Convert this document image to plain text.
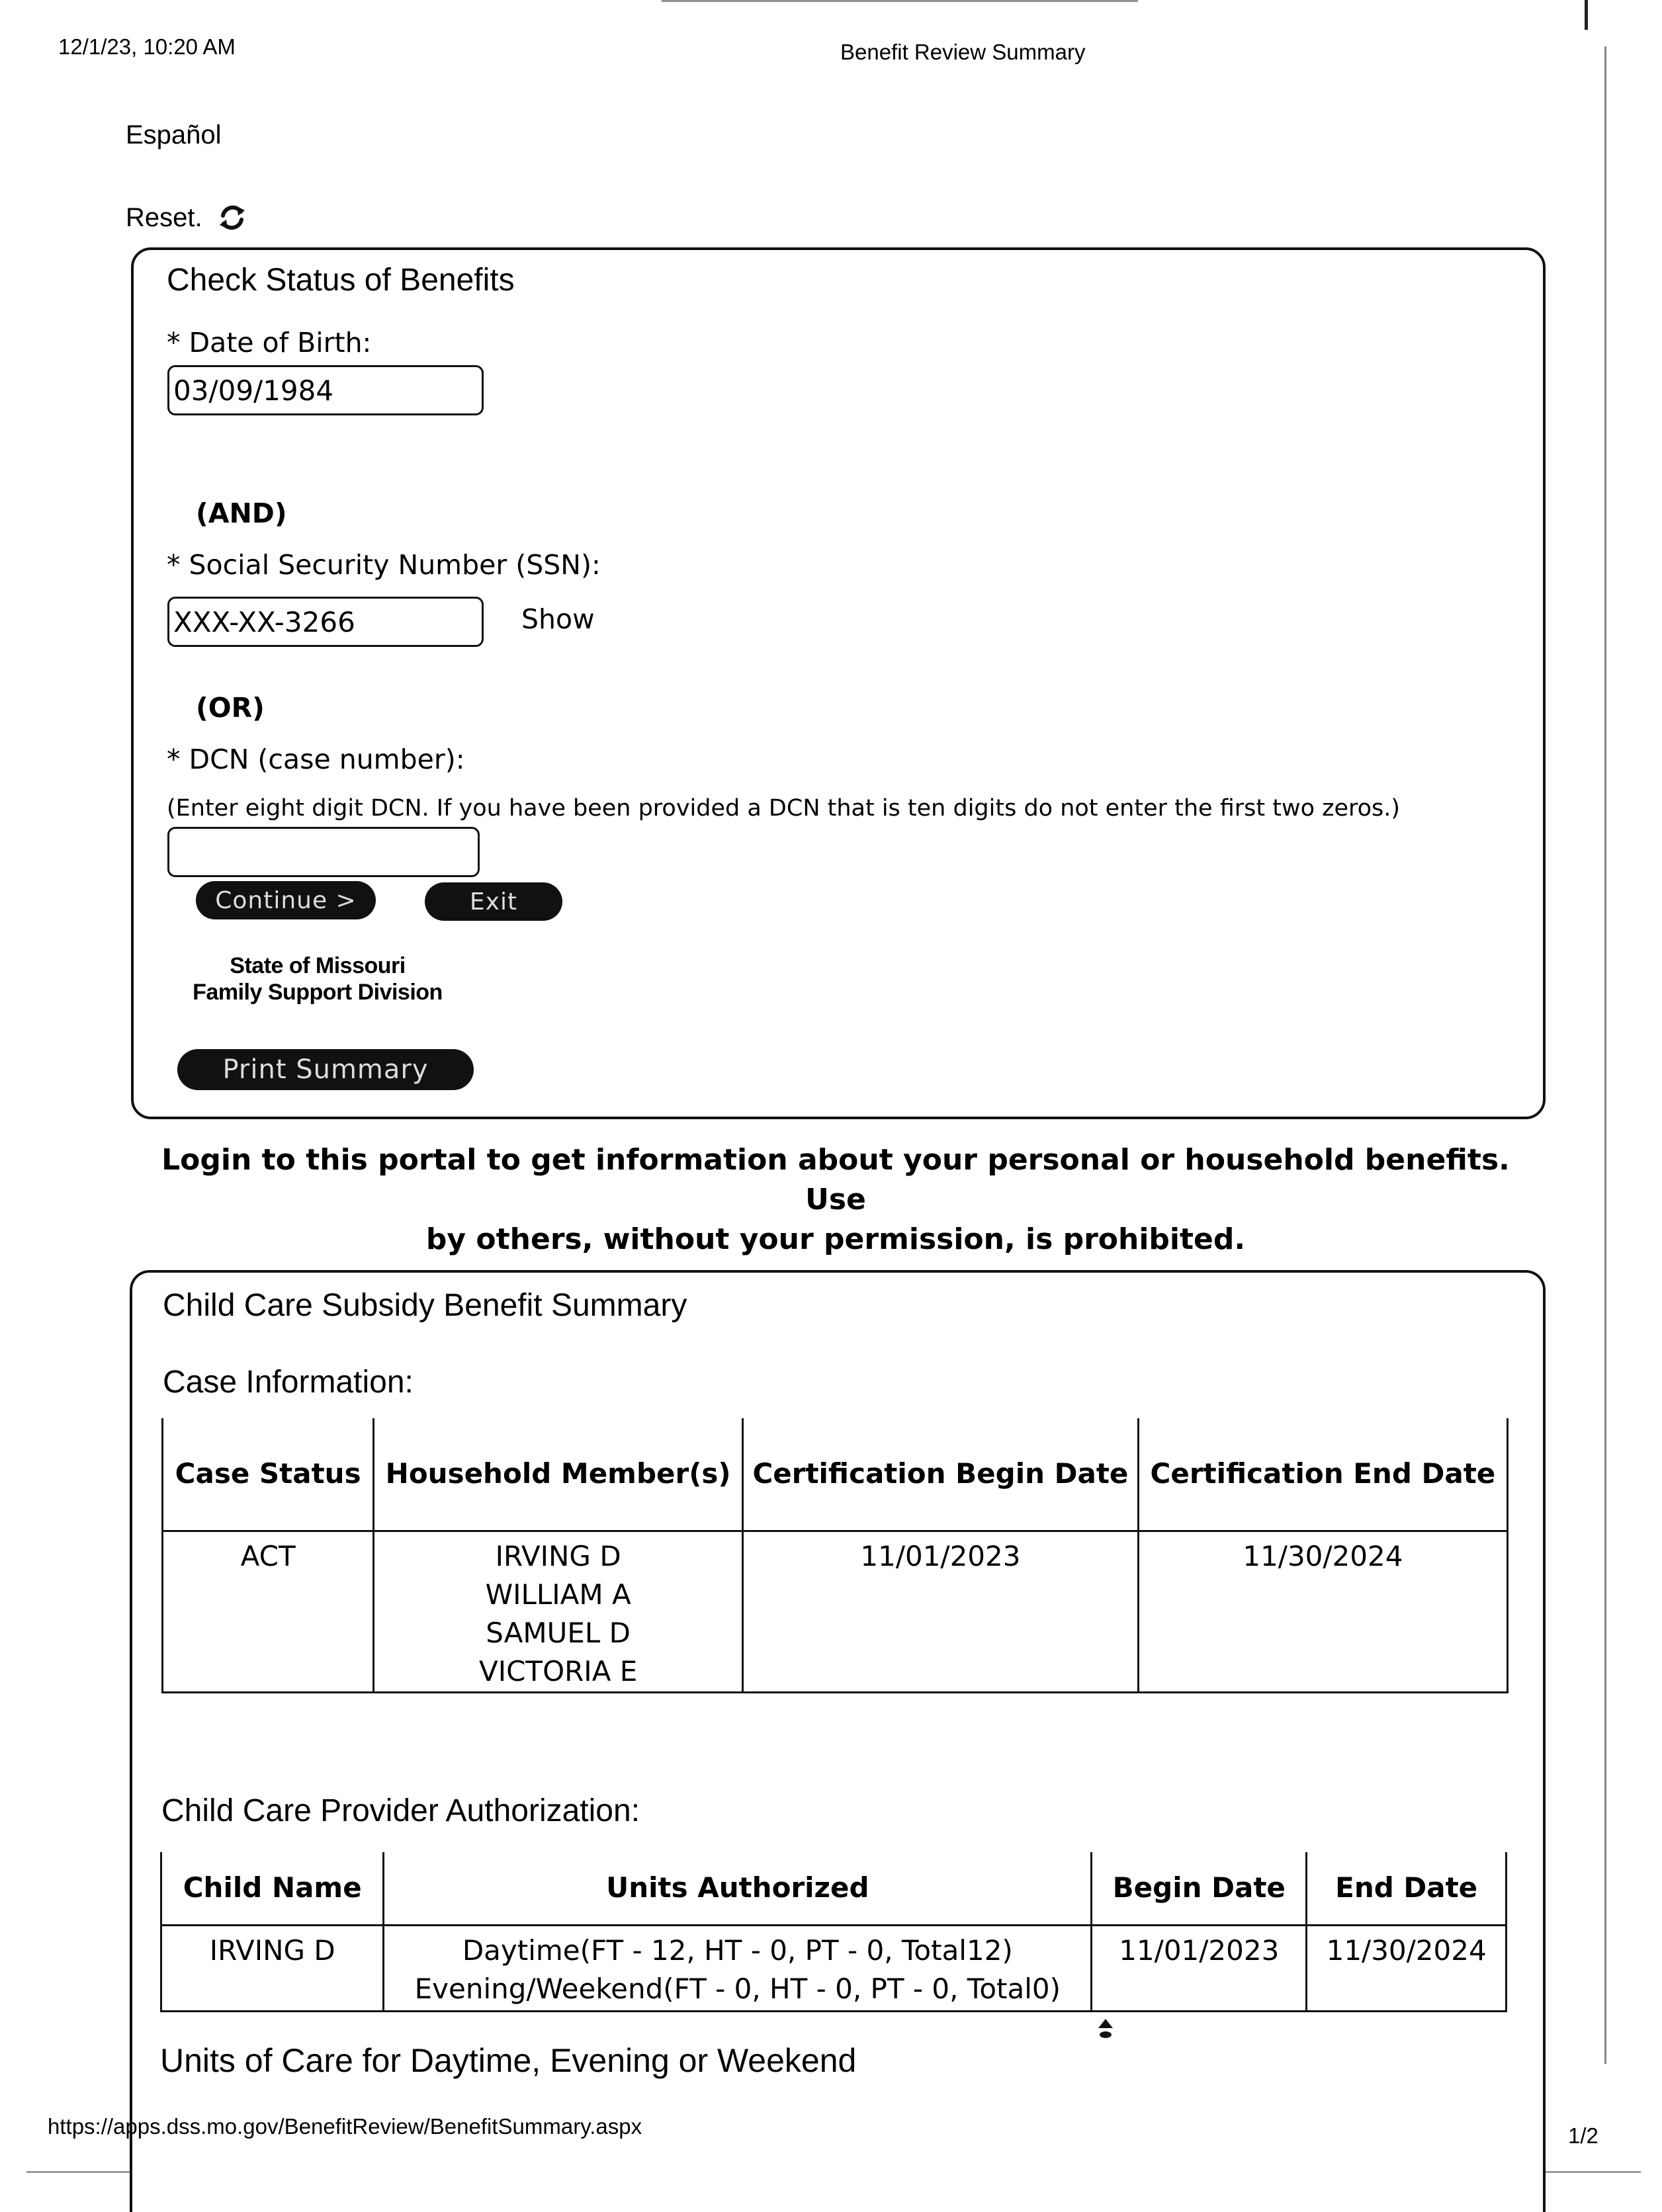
12/1/23, 10:20 AM	Benefit Review Summary
Español
Reset.
Check Status of Benefits
* Date of Birth:
03/09/1984
(AND)
* Social Security Number (SSN):
XXX-XX-3266	Show
(OR)
* DCN (case number):
(Enter eight digit DCN. If you have been provided a DCN that is ten digits do not enter the first two zeros.)
Continue >	Exit
State of Missouri
Family Support Division
Print Summary
Login to this portal to get information about your personal or household benefits. Use
by others, without your permission, is prohibited.
Child Care Subsidy Benefit Summary
Case Information:
Case Status	Household Member(s)	Certification Begin Date	Certification End Date
ACT	IRVING D
WILLIAM A
SAMUEL D
VICTORIA E	11/01/2023	11/30/2024
Child Care Provider Authorization:
Child Name	Units Authorized	Begin Date	End Date
IRVING D	Daytime(FT - 12, HT - 0, PT - 0, Total12)
Evening/Weekend(FT - 0, HT - 0, PT - 0, Total0)	11/01/2023	11/30/2024
Units of Care for Daytime, Evening or Weekend
https://apps.dss.mo.gov/BenefitReview/BenefitSummary.aspx	1/2
